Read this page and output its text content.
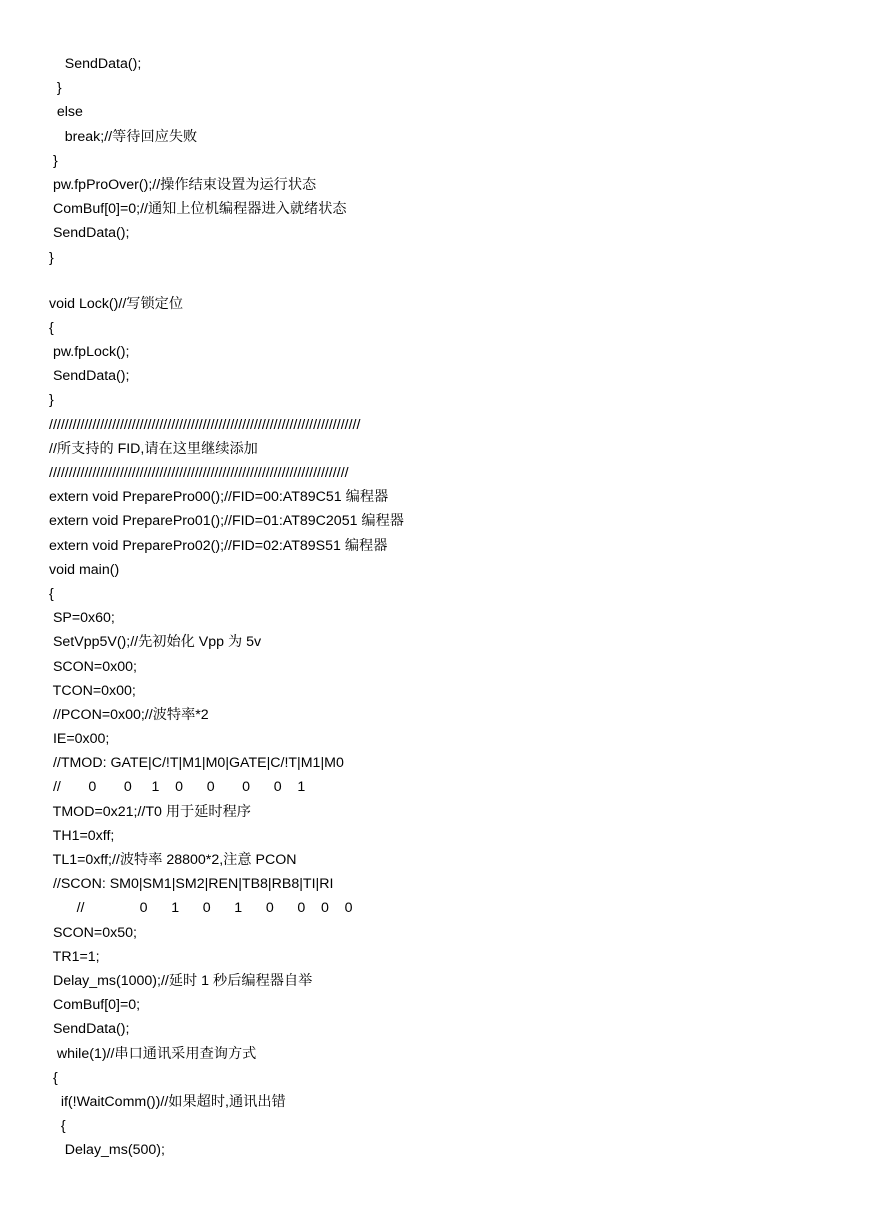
SendData();
}
else
break;//等待回应失败
}
pw.fpProOver();//操作结束设置为运行状态
ComBuf[0]=0;//通知上位机编程器进入就绪状态
SendData();
}
void Lock()//写锁定位
{
pw.fpLock();
SendData();
}
///////////////////////////////////////////////////////////////////////////////
//所支持的 FID,请在这里继续添加
////////////////////////////////////////////////////////////////////////////
extern void PreparePro00();//FID=00:AT89C51 编程器
extern void PreparePro01();//FID=01:AT89C2051 编程器
extern void PreparePro02();//FID=02:AT89S51 编程器
void main()
{
SP=0x60;
SetVpp5V();//先初始化 Vpp 为 5v
SCON=0x00;
TCON=0x00;
//PCON=0x00;//波特率*2
IE=0x00;
//TMOD: GATE|C/!T|M1|M0|GATE|C/!T|M1|M0
//       0       0     1    0      0       0      0    1
TMOD=0x21;//T0 用于延时程序
TH1=0xff;
TL1=0xff;//波特率 28800*2,注意 PCON
//SCON: SM0|SM1|SM2|REN|TB8|RB8|TI|RI
//              0      1      0      1      0      0    0    0
SCON=0x50;
TR1=1;
Delay_ms(1000);//延时 1 秒后编程器自举
ComBuf[0]=0;
SendData();
while(1)//串口通讯采用查询方式
{
if(!WaitComm())//如果超时,通讯出错
{
Delay_ms(500);
